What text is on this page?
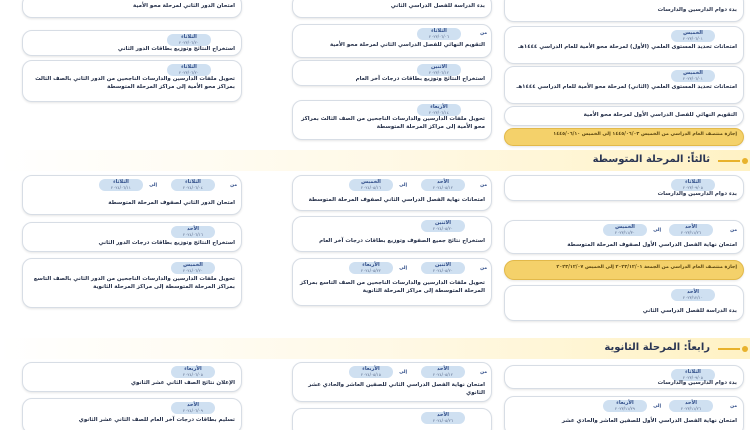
بدء دوام الدارسين والدارسات
الخميس
٢٠٢٣/٠٦/٠١
امتحانات تحديد المستوى العلمي (الأول) لمرحلة محو الأمية للعام الدراسي ١٤٤٤هـ
الخميس
٢٠٢٣/٠٦/٠١
امتحانات تحديد المستوى العلمي (الثاني) لمرحلة محو الأمية للعام الدراسي ١٤٤٤هـ
التقويم النهائي للفصل الدراسي الأول لمرحلة محو الأمية
إجازة منتصف العام الدراسي من الخميس ١٤٤٥/٠٦/٠٣ إلى الخميس ١٤٤٥/٠٦/١٠
بدء الدراسة للفصل الدراسي الثاني
الثلاثاء
٢٠٢٣/٠٦/٠٦
من
التقويم النهائي للفصل الدراسي الثاني لمرحلة محو الأمية
الاثنين
٢٠٢٣/٠٦/١٢
استخراج النتائج وتوزيع بطاقات درجات آخر العام
الأربعاء
٢٠٢٣/٠٦/١٤
تحويل ملفات الدارسين والدارسات الناجحين من الصف الثالث بمراكز محو الأمية إلى مراكز المرحلة المتوسطة
امتحان الدور الثاني لمرحلة محو الأمية
الثلاثاء
٢٠٢٣/٠٦/٢٠
استخراج النتائج وتوزيع بطاقات الدور الثاني
الثلاثاء
٢٠٢٣/٠٦/٢٠
تحويل ملفات الدارسين والدارسات الناجحين من الدور الثاني بالصف الثالث بمراكز محو الأمية إلى مراكز المرحلة المتوسطة
ثالثاً: المرحلة المتوسطة
الثلاثاء
٢٠٢٣/٠٩/٠٥
بدء دوام الدارسين والدارسات
الأحد
٢٠٢٣/١١/٢٦	من
إلى
الخميس
٢٠٢٣/١١/٣٠
امتحان نهاية الفصل الدراسي الأول لصفوف المرحلة المتوسطة
إجازة منتصف العام الدراسي من الجمعة ٢٠٢٣/١٢/٠١ إلى الخميس ٢٠٢٣/١٢/٠٧
الأحد
٢٠٢٣/١٢/١٠
بدء الدراسة للفصل الدراسي الثاني
الأحد
٢٠٢٤/٠٥/١٢	من
إلى
الخميس
٢٠٢٤/٠٥/١٦
امتحانات نهاية الفصل الدراسي الثاني لصفوف المرحلة المتوسطة
الاثنين
٢٠٢٤/٠٥/٢٠
استخراج نتائج جميع الصفوف وتوزيع بطاقات درجات آخر العام
الاثنين
٢٠٢٤/٠٥/٢٠	من
إلى
الأربعاء
٢٠٢٤/٠٥/٢٢
تحويل ملفات الدارسين والدارسات الناجحين من الصف التاسع بمراكز المرحلة المتوسطة إلى مراكز المرحلة الثانوية
الثلاثاء
٢٠٢٤/٠٦/٠٤	من
إلى
الثلاثاء
٢٠٢٤/٠٦/١١
امتحان الدور الثاني لصفوف المرحلة المتوسطة
الأحد
٢٠٢٤/٠٦/١٦
استخراج النتائج وتوزيع بطاقات درجات الدور الثاني
الخميس
٢٠٢٤/٠٦/٢٠
تحويل ملفات الدارسين والدارسات الناجحين من الدور الثاني بالصف التاسع بمراكز المرحلة المتوسطة إلى مراكز المرحلة الثانوية
رابعاً: المرحلة الثانوية
الثلاثاء
٢٠٢٣/٠٩/٠٥
بدء دوام الدارسين والدارسات
الأحد
٢٠٢٣/١١/٢٦	من
إلى
الأربعاء
٢٠٢٣/١١/٢٩
امتحان نهاية الفصل الدراسي الأول للصفين العاشر والحادي عشر
الأحد
٢٠٢٤/٠٥/١٢	من
إلى
الأربعاء
٢٠٢٤/٠٥/١٥
امتحان نهاية الفصل الدراسي الثاني للصفين العاشر والحادي عشر الثانوي
الأحد
٢٠٢٤/٠٥/٢٦
الأربعاء
٢٠٢٤/٠٦/٠٥
الإعلان نتائج الصف الثاني عشر الثانوي
الأحد
٢٠٢٤/٠٦/٠٩
تسليم بطاقات درجات آخر العام للصف الثاني عشر الثانوي
